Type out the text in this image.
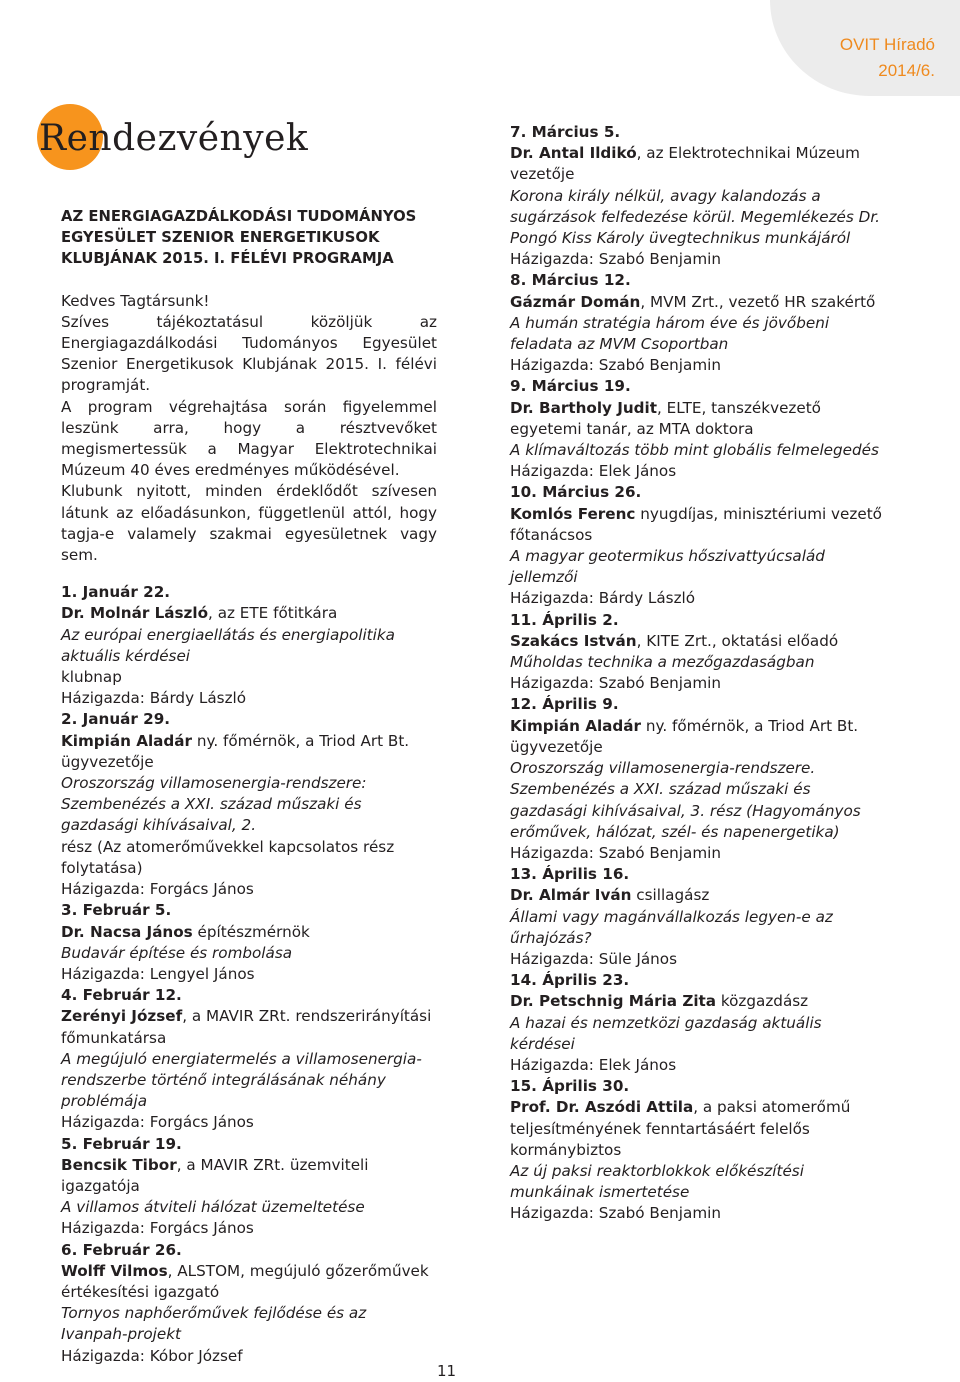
OVIT Híradó
2014/6.
Rendezvények
AZ ENERGIAGAZDÁLKODÁSI TUDOMÁNYOS
EGYESÜLET SZENIOR ENERGETIKUSOK
KLUBJÁNAK 2015. I. FÉLÉVI PROGRAMJA
Kedves Tagtársunk!
Szíves tájékoztatásul közöljük az Energiagazdálkodási Tudományos Egyesület Szenior Energetikusok Klubjának 2015. I. félévi programját.
A program végrehajtása során figyelemmel leszünk arra, hogy a résztvevőket megismertessük a Magyar Elektrotechnikai Múzeum 40 éves eredményes működésével.
Klubunk nyitott, minden érdeklődőt szívesen látunk az előadásunkon, függetlenül attól, hogy tagja-e valamely szakmai egyesületnek vagy sem.
1. Január 22.
Dr. Molnár László, az ETE főtitkára
Az európai energiaellátás és energiapolitika aktuális kérdései
klubnap
Házigazda: Bárdy László
2. Január 29.
Kimpián Aladár ny. főmérnök, a Triod Art Bt. ügyvezetője
Oroszország villamosenergia-rendszere: Szembenézés a XXI. század műszaki és gazdasági kihívásaival, 2.
rész (Az atomerőművekkel kapcsolatos rész folytatása)
Házigazda: Forgács János
3. Február 5.
Dr. Nacsa János építészmérnök
Budavár építése és rombolása
Házigazda: Lengyel János
4. Február 12.
Zerényi József, a MAVIR ZRt. rendszerirányítási főmunkatársa
A megújuló energiatermelés a villamosenergia-rendszerbe történő integrálásának néhány problémája
Házigazda: Forgács János
5. Február 19.
Bencsik Tibor, a MAVIR ZRt. üzemviteli igazgatója
A villamos átviteli hálózat üzemeltetése
Házigazda: Forgács János
6. Február 26.
Wolff Vilmos, ALSTOM, megújuló gőzerőművek értékesítési igazgató
Tornyos naphőerőművek fejlődése és az Ivanpah-projekt
Házigazda: Kóbor József
7. Március 5.
Dr. Antal Ildikó, az Elektrotechnikai Múzeum vezetője
Korona király nélkül, avagy kalandozás a sugárzások felfedezése körül. Megemlékezés Dr. Pongó Kiss Károly üvegtechnikus munkájáról
Házigazda: Szabó Benjamin
8. Március 12.
Gázmár Domán, MVM Zrt., vezető HR szakértő
A humán stratégia három éve és jövőbeni feladata az MVM Csoportban
Házigazda: Szabó Benjamin
9. Március 19.
Dr. Bartholy Judit, ELTE, tanszékvezető egyetemi tanár, az MTA doktora
A klímaváltozás több mint globális felmelegedés
Házigazda: Elek János
10. Március 26.
Komlós Ferenc nyugdíjas, minisztériumi vezető főtanácsos
A magyar geotermikus hőszivattyúcsalád jellemzői
Házigazda: Bárdy László
11. Április 2.
Szakács István, KITE Zrt., oktatási előadó
Műholdas technika a mezőgazdaságban
Házigazda: Szabó Benjamin
12. Április 9.
Kimpián Aladár ny. főmérnök, a Triod Art Bt. ügyvezetője
Oroszország villamosenergia-rendszere. Szembenézés a XXI. század műszaki és gazdasági kihívásaival, 3. rész (Hagyományos erőművek, hálózat, szél- és napenergetika)
Házigazda: Szabó Benjamin
13. Április 16.
Dr. Almár Iván csillagász
Állami vagy magánvállalkozás legyen-e az űrhajózás?
Házigazda: Süle János
14. Április 23.
Dr. Petschnig Mária Zita közgazdász
A hazai és nemzetközi gazdaság aktuális kérdései
Házigazda: Elek János
15. Április 30.
Prof. Dr. Aszódi Attila, a paksi atomerőmű teljesítményének fenntartásáért felelős kormánybiztos
Az új paksi reaktorblokkok előkészítési munkáinak ismertetése
Házigazda: Szabó Benjamin
11
